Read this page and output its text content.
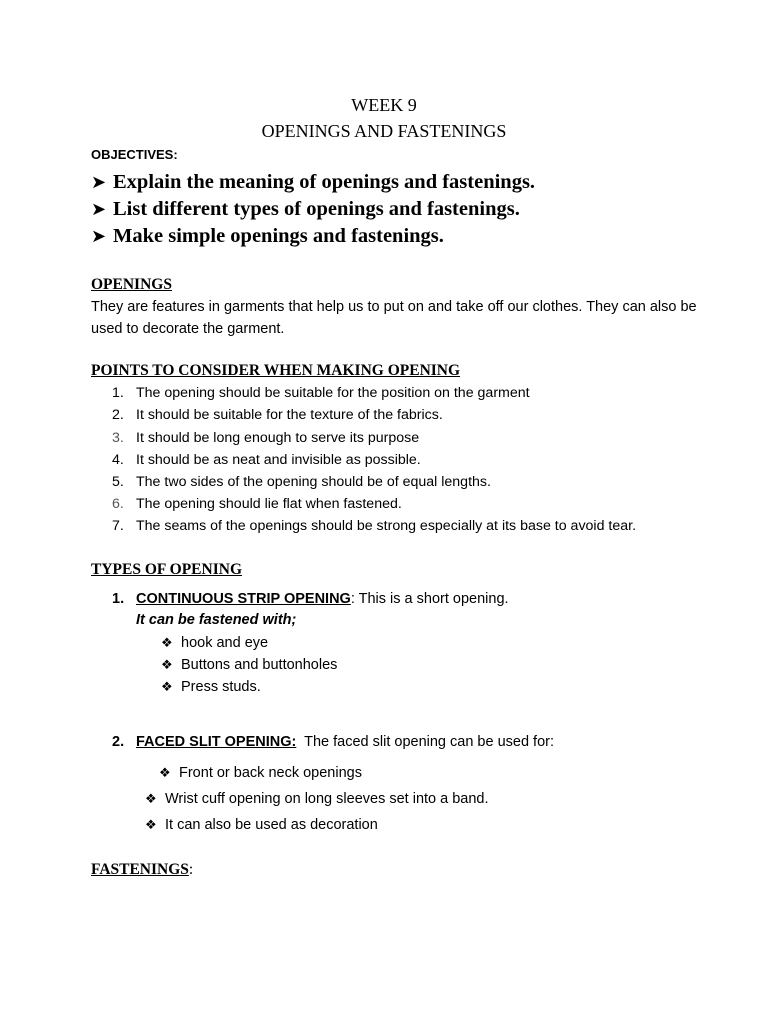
WEEK 9
OPENINGS AND FASTENINGS
OBJECTIVES:
➤ Explain the meaning of openings and fastenings.
➤ List different types of openings and fastenings.
➤ Make simple openings and fastenings.
OPENINGS
They are features in garments that help us to put on and take off our clothes. They can also be used to decorate the garment.
POINTS TO CONSIDER WHEN MAKING OPENING
1. The opening should be suitable for the position on the garment
2. It should be suitable for the texture of the fabrics.
3. It should be long enough to serve its purpose
4. It should be as neat and invisible as possible.
5. The two sides of the opening should be of equal lengths.
6. The opening should lie flat when fastened.
7. The seams of the openings should be strong especially at its base to avoid tear.
TYPES OF OPENING
1. CONTINUOUS STRIP OPENING: This is a short opening.
It can be fastened with;
❖ hook and eye
❖ Buttons and buttonholes
❖ Press studs.
2. FACED SLIT OPENING:  The faced slit opening can be used for:
❖ Front or back neck openings
❖ Wrist cuff opening on long sleeves set into a band.
❖ It can also be used as decoration
FASTENINGS:
